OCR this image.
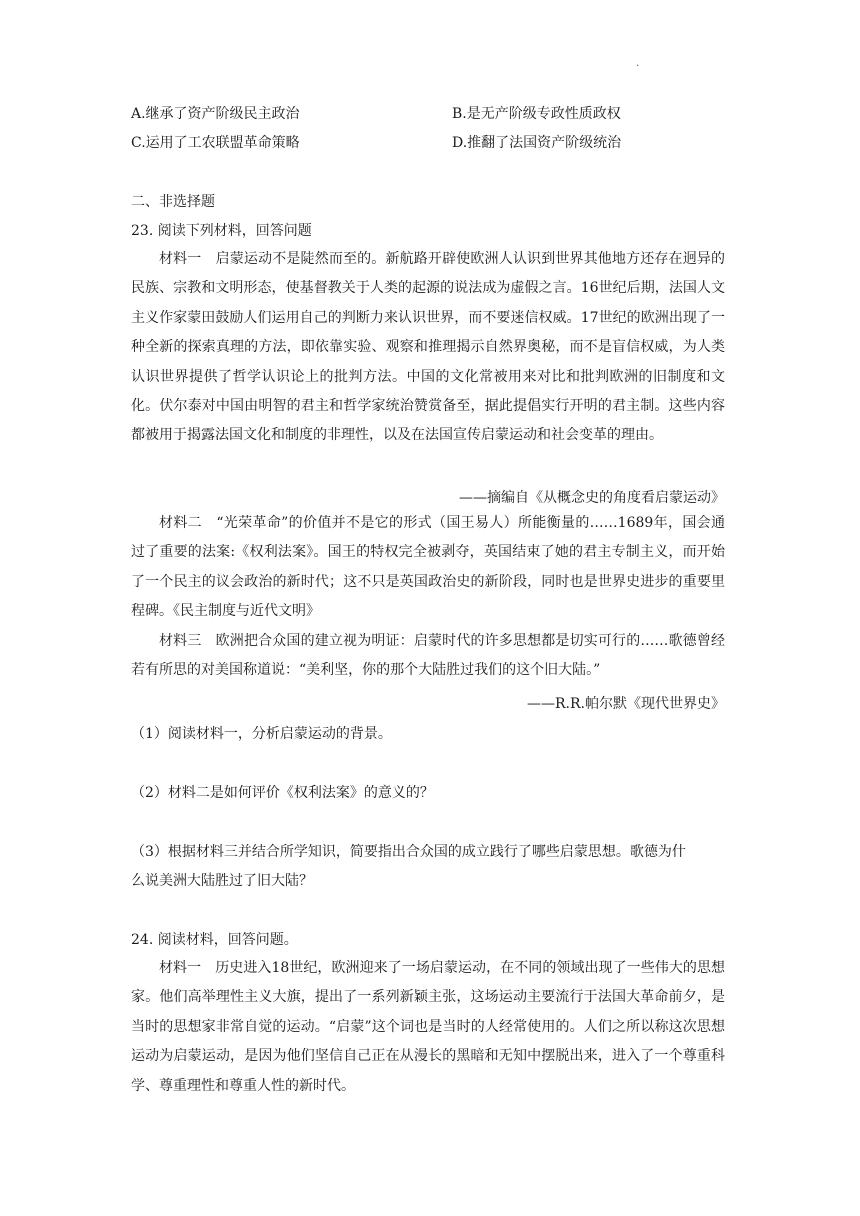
.
A.继承了资产阶级民主政治	B.是无产阶级专政性质政权
C.运用了工农联盟革命策略	D.推翻了法国资产阶级统治
二、非选择题
23. 阅读下列材料，回答问题

材料一　启蒙运动不是陡然而至的。新航路开辟使欧洲人认识到世界其他地方还存在迥异的民族、宗教和文明形态，使基督教关于人类的起源的说法成为虚假之言。16世纪后期，法国人文主义作家蒙田鼓励人们运用自己的判断力来认识世界，而不要迷信权威。17世纪的欧洲出现了一种全新的探索真理的方法，即依靠实验、观察和推理揭示自然界奥秘，而不是盲信权威，为人类认识世界提供了哲学认识论上的批判方法。中国的文化常被用来对比和批判欧洲的旧制度和文化。伏尔泰对中国由明智的君主和哲学家统治赞赏备至，据此提倡实行开明的君主制。这些内容都被用于揭露法国文化和制度的非理性，以及在法国宣传启蒙运动和社会变革的理由。

——摘编自《从概念史的角度看启蒙运动》

材料二　“光荣革命”的价值并不是它的形式（国王易人）所能衡量的……1689年，国会通过了重要的法案:《权利法案》。国王的特权完全被剥夺，英国结束了她的君主专制主义，而开始了一个民主的议会政治的新时代；这不只是英国政治史的新阶段，同时也是世界史进步的重要里程碑。《民主制度与近代文明》

材料三　欧洲把合众国的建立视为明证：启蒙时代的许多思想都是切实可行的……歌德曾经若有所思的对美国称道说：“美利坚，你的那个大陆胜过我们的这个旧大陆。”

——R.R.帕尔默《现代世界史》
（1）阅读材料一，分析启蒙运动的背景。
（2）材料二是如何评价《权利法案》的意义的？
（3）根据材料三并结合所学知识，简要指出合众国的成立践行了哪些启蒙思想。歌德为什
么说美洲大陆胜过了旧大陆？
24. 阅读材料，回答问题。

材料一　历史进入18世纪，欧洲迎来了一场启蒙运动，在不同的领域出现了一些伟大的思想家。他们高举理性主义大旗，提出了一系列新颖主张，这场运动主要流行于法国大革命前夕，是当时的思想家非常自觉的运动。“启蒙”这个词也是当时的人经常使用的。人们之所以称这次思想运动为启蒙运动，是因为他们坚信自己正在从漫长的黑暗和无知中摆脱出来，进入了一个尊重科学、尊重理性和尊重人性的新时代。
